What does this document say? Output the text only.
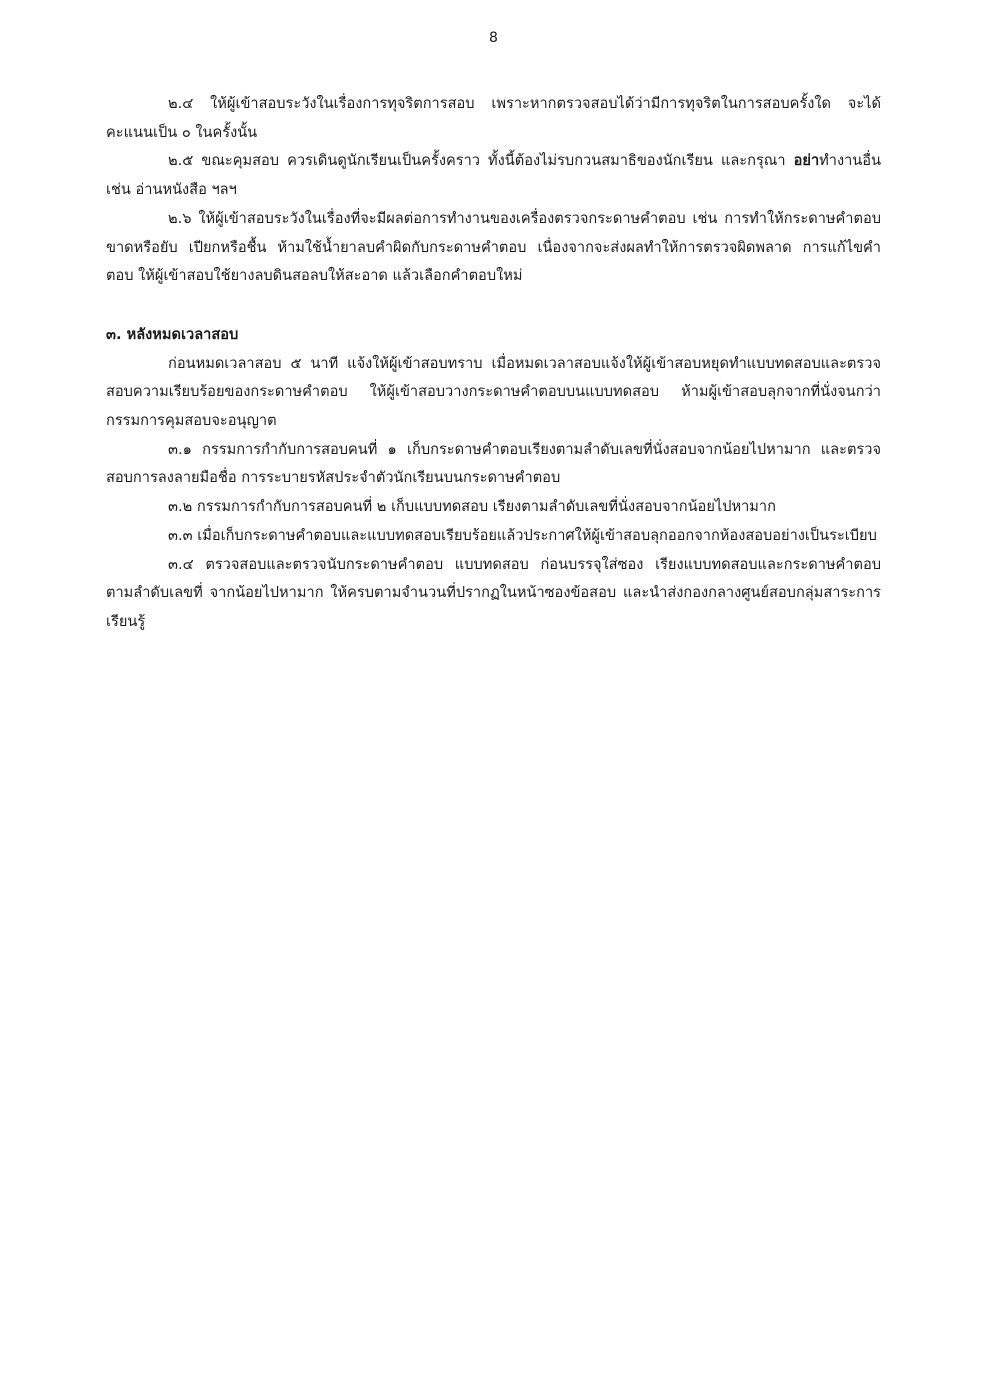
8

๒.๔ ให้ผู้เข้าสอบระวังในเรื่องการทุจริตการสอบ เพราะหากตรวจสอบได้ว่ามีการทุจริตในการสอบครั้งใด จะได้คะแนนเป็น ๐ ในครั้งนั้น

๒.๕ ขณะคุมสอบ ควรเดินดูนักเรียนเป็นครั้งคราว ทั้งนี้ต้องไม่รบกวนสมาธิของนักเรียน และกรุณา อย่าทำงานอื่น เช่น อ่านหนังสือ ฯลฯ

๒.๖ ให้ผู้เข้าสอบระวังในเรื่องที่จะมีผลต่อการทำงานของเครื่องตรวจกระดาษคำตอบ เช่น การทำให้กระดาษคำตอบขาดหรือยับ เปียกหรือชื้น ห้ามใช้น้ำยาลบคำผิดกับกระดาษคำตอบ เนื่องจากจะส่งผลทำให้การตรวจผิดพลาด การแก้ไขคำตอบ ให้ผู้เข้าสอบใช้ยางลบดินสอลบให้สะอาด แล้วเลือกคำตอบใหม่

๓. หลังหมดเวลาสอบ

ก่อนหมดเวลาสอบ ๕ นาที แจ้งให้ผู้เข้าสอบทราบ เมื่อหมดเวลาสอบแจ้งให้ผู้เข้าสอบหยุดทำแบบทดสอบและตรวจสอบความเรียบร้อยของกระดาษคำตอบ ให้ผู้เข้าสอบวางกระดาษคำตอบบนแบบทดสอบ ห้ามผู้เข้าสอบลุกจากที่นั่งจนกว่ากรรมการคุมสอบจะอนุญาต

๓.๑ กรรมการกำกับการสอบคนที่ ๑ เก็บกระดาษคำตอบเรียงตามลำดับเลขที่นั่งสอบจากน้อยไปหามาก และตรวจสอบการลงลายมือชื่อ การระบายรหัสประจำตัวนักเรียนบนกระดาษคำตอบ

๓.๒ กรรมการกำกับการสอบคนที่ ๒ เก็บแบบทดสอบ เรียงตามลำดับเลขที่นั่งสอบจากน้อยไปหามาก

๓.๓ เมื่อเก็บกระดาษคำตอบและแบบทดสอบเรียบร้อยแล้วประกาศให้ผู้เข้าสอบลุกออกจากห้องสอบอย่างเป็นระเบียบ

๓.๔ ตรวจสอบและตรวจนับกระดาษคำตอบ แบบทดสอบ ก่อนบรรจุใส่ซอง เรียงแบบทดสอบและกระดาษคำตอบ ตามลำดับเลขที่ จากน้อยไปหามาก ให้ครบตามจำนวนที่ปรากฏในหน้าซองข้อสอบ และนำส่งกองกลางศูนย์สอบกลุ่มสาระการเรียนรู้
